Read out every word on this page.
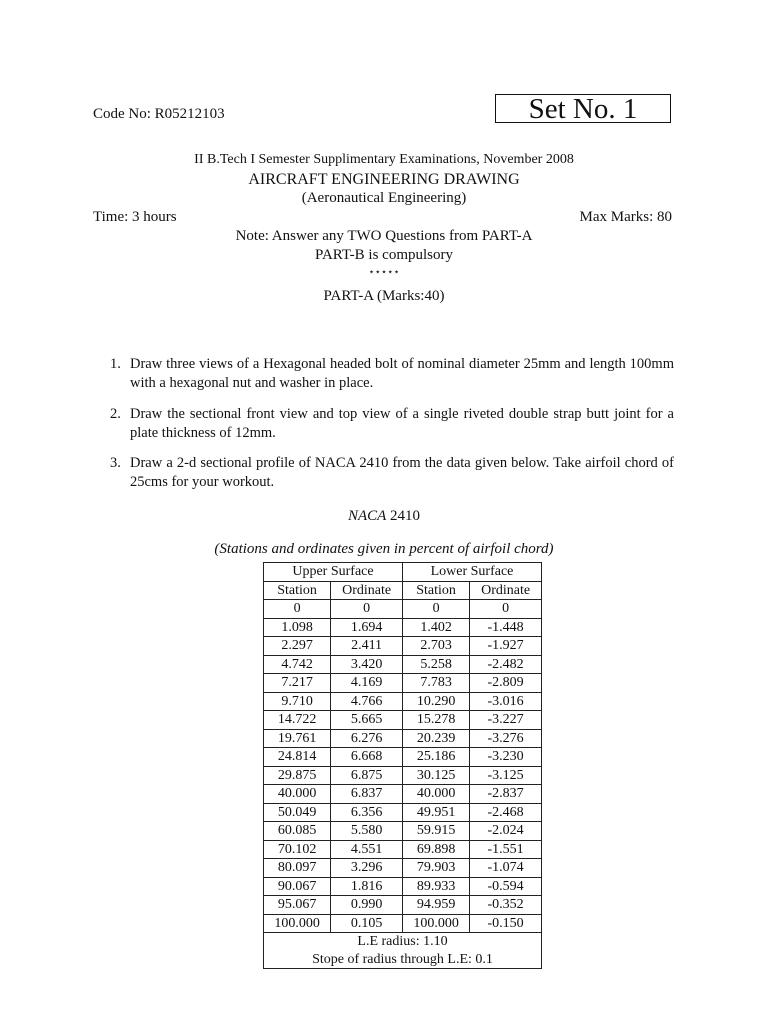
Code No: R05212103	Set No. 1
II B.Tech I Semester Supplimentary Examinations, November 2008
AIRCRAFT ENGINEERING DRAWING
(Aeronautical Engineering)
Time: 3 hours	Max Marks: 80
Note: Answer any TWO Questions from PART-A
PART-B is compulsory
⋆⋆⋆⋆⋆
PART-A (Marks:40)
1. Draw three views of a Hexagonal headed bolt of nominal diameter 25mm and length 100mm with a hexagonal nut and washer in place.
2. Draw the sectional front view and top view of a single riveted double strap butt joint for a plate thickness of 12mm.
3. Draw a 2-d sectional profile of NACA 2410 from the data given below. Take airfoil chord of 25cms for your workout.
NACA 2410
(Stations and ordinates given in percent of airfoil chord)
Upper Surface		Lower Surface	
Station	Ordinate	Station	Ordinate
0	0	0	0
1.098	1.694	1.402	-1.448
2.297	2.411	2.703	-1.927
4.742	3.420	5.258	-2.482
7.217	4.169	7.783	-2.809
9.710	4.766	10.290	-3.016
14.722	5.665	15.278	-3.227
19.761	6.276	20.239	-3.276
24.814	6.668	25.186	-3.230
29.875	6.875	30.125	-3.125
40.000	6.837	40.000	-2.837
50.049	6.356	49.951	-2.468
60.085	5.580	59.915	-2.024
70.102	4.551	69.898	-1.551
80.097	3.296	79.903	-1.074
90.067	1.816	89.933	-0.594
95.067	0.990	94.959	-0.352
100.000	0.105	100.000	-0.150
L.E radius: 1.10			
Stope of radius through L.E: 0.1			
